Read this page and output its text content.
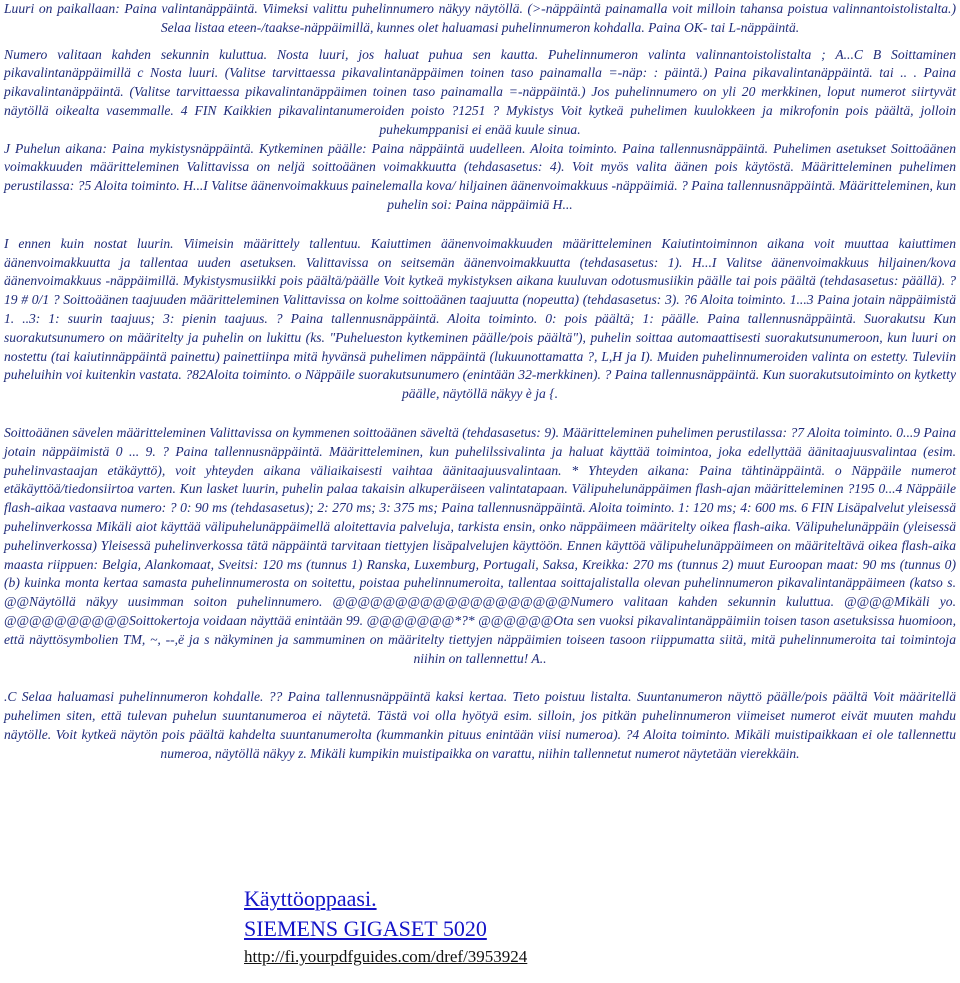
Luuri on paikallaan: Paina valintanäppäintä. Viimeksi valittu puhelinnumero näkyy näytöllä. (>-näppäintä painamalla voit milloin tahansa poistua valinnantoistolistalta.) Selaa listaa eteen-/taakse-näppäimillä, kunnes olet haluamasi puhelinnumeron kohdalla. Paina OK- tai L-näppäintä.

Numero valitaan kahden sekunnin kuluttua. Nosta luuri, jos haluat puhua sen kautta. Puhelinnumeron valinta valinnantoistolistalta ; A...C B Soittaminen pikavalintanäppäimillä c Nosta luuri. (Valitse tarvittaessa pikavalintanäppäimen toinen taso painamalla =-näp: : päintä.) Paina pikavalintanäppäintä. tai .. . Paina pikavalintanäppäintä. (Valitse tarvittaessa pikavalintanäppäimen toinen taso painamalla =-näppäintä.) Jos puhelinnumero on yli 20 merkkinen, loput numerot siirtyvät näytöllä oikealta vasemmalle. 4 FIN Kaikkien pikavalintanumeroiden poisto ?1251 ? Mykistys Voit kytkeä puhelimen kuulokkeen ja mikrofonin pois päältä, jolloin puhekumppanisi ei enää kuule sinua.

J Puhelun aikana: Paina mykistysnäppäintä. Kytkeminen päälle: Paina näppäintä uudelleen. Aloita toiminto. Paina tallennusnäppäintä. Puhelimen asetukset Soittoäänen voimakkuuden määritteleminen Valittavissa on neljä soittoäänen voimakkuutta (tehdasasetus: 4). Voit myös valita äänen pois käytöstä. Määritteleminen puhelimen perustilassa: ?5 Aloita toiminto. H...I Valitse äänenvoimakkuus painelemalla kova/ hiljainen äänenvoimakkuus -näppäimiä. ? Paina tallennusnäppäintä. Määritteleminen, kun puhelin soi: Paina näppäimiä H...

I ennen kuin nostat luurin. Viimeisin määrittely tallentuu. Kaiuttimen äänenvoimakkuuden määritteleminen Kaiutintoiminnon aikana voit muuttaa kaiuttimen äänenvoimakkuutta ja tallentaa uuden asetuksen. Valittavissa on seitsemän äänenvoimakkuutta (tehdasasetus: 1). H...I Valitse äänenvoimakkuus hiljainen/kova äänenvoimakkuus -näppäimillä. Mykistysmusiikki pois päältä/päälle Voit kytkeä mykistyksen aikana kuuluvan odotusmusiikin päälle tai pois päältä (tehdasasetus: päällä). ?19 # 0/1 ? Soittoäänen taajuuden määritteleminen Valittavissa on kolme soittoäänen taajuutta (nopeutta) (tehdasasetus: 3). ?6 Aloita toiminto. 1...3 Paina jotain näppäimistä 1. ..3: 1: suurin taajuus; 3: pienin taajuus. ? Paina tallennusnäppäintä. Aloita toiminto. 0: pois päältä; 1: päälle. Paina tallennusnäppäintä. Suorakutsu Kun suorakutsunumero on määritelty ja puhelin on lukittu (ks. "Puhelueston kytkeminen päälle/pois päältä"), puhelin soittaa automaattisesti suorakutsunumeroon, kun luuri on nostettu (tai kaiutinnäppäintä painettu) painettiinpa mitä hyvänsä puhelimen näppäintä (lukuunottamatta ?, L,H ja I). Muiden puhelinnumeroiden valinta on estetty. Tuleviin puheluihin voi kuitenkin vastata. ?82Aloita toiminto. o Näppäile suorakutsunumero (enintään 32-merkkinen). ? Paina tallennusnäppäintä. Kun suorakutsutoiminto on kytketty päälle, näytöllä näkyy è ja {.

Soittoäänen sävelen määritteleminen Valittavissa on kymmenen soittoäänen säveltä (tehdasasetus: 9). Määritteleminen puhelimen perustilassa: ?7 Aloita toiminto. 0...9 Paina jotain näppäimistä 0 ... 9. ? Paina tallennusnäppäintä. Määritteleminen, kun puhelilssivalinta ja haluat käyttää toimintoa, joka edellyttää äänitaajuusvalintaa (esim. puhelinvastaajan etäkäyttö), voit yhteyden aikana väliaikaisesti vaihtaa äänitaajuusvalintaan. * Yhteyden aikana: Paina tähtinäppäintä. o Näppäile numerot etäkäyttöä/tiedonsiirtoa varten. Kun lasket luurin, puhelin palaa takaisin alkuperäiseen valintatapaan. Välipuhelunäppäimen flash-ajan määritteleminen ?195 0...4 Näppäile flash-aikaa vastaava numero: ? 0: 90 ms (tehdasasetus); 2: 270 ms; 3: 375 ms; Paina tallennusnäppäintä. Aloita toiminto. 1: 120 ms; 4: 600 ms. 6 FIN Lisäpalvelut yleisessä puhelinverkossa Mikäli aiot käyttää välipuhelunäppäimellä aloitettavia palveluja, tarkista ensin, onko näppäimeen määritelty oikea flash-aika. Välipuhelunäppäin (yleisessä puhelinverkossa) Yleisessä puhelinverkossa tätä näppäintä tarvitaan tiettyjen lisäpalvelujen käyttöön. Ennen käyttöä välipuhelunäppäimeen on määriteltävä oikea flash-aika maasta riippuen: Belgia, Alankomaat, Sveitsi: 120 ms (tunnus 1) Ranska, Luxemburg, Portugali, Saksa, Kreikka: 270 ms (tunnus 2) muut Euroopan maat: 90 ms (tunnus 0) (b) kuinka monta kertaa samasta puhelinnumerosta on soitettu, poistaa puhelinnumeroita, tallentaa soittajalistalla olevan puhelinnumeron pikavalintanäppäimeen (katso s. @@Näytöllä näkyy uusimman soiton puhelinnumero. @@@@@@@@@@@@@@@@@@@Numero valitaan kahden sekunnin kuluttua. @@@@Mikäli yo. @@@@@@@@@@Soittokertoja voidaan näyttää enintään 99. @@@@@@@*?* @@@@@@Ota sen vuoksi pikavalintanäppäimiin toisen tason asetuksissa huomioon, että näyttösymbolien TM, ~, --,ë ja s näkyminen ja sammuminen on määritelty tiettyjen näppäimien toiseen tasoon riippumatta siitä, mitä puhelinnumeroita tai toimintoja niihin on tallennettu! A..

.C Selaa haluamasi puhelinnumeron kohdalle. ?? Paina tallennusnäppäintä kaksi kertaa. Tieto poistuu listalta. Suuntanumeron näyttö päälle/pois päältä Voit määritellä puhelimen siten, että tulevan puhelun suuntanumeroa ei näytetä. Tästä voi olla hyötyä esim. silloin, jos pitkän puhelinnumeron viimeiset numerot eivät muuten mahdu näytölle. Voit kytkeä näytön pois päältä kahdelta suuntanumerolta (kummankin pituus enintään viisi numeroa). ?4 Aloita toiminto. Mikäli muistipaikkaan ei ole tallennettu numeroa, näytöllä näkyy z. Mikäli kumpikin muistipaikka on varattu, niihin tallennetut numerot näytetään vierekkäin.

Käyttöoppaasi.
SIEMENS GIGASET 5020
http://fi.yourpdfguides.com/dref/3953924
